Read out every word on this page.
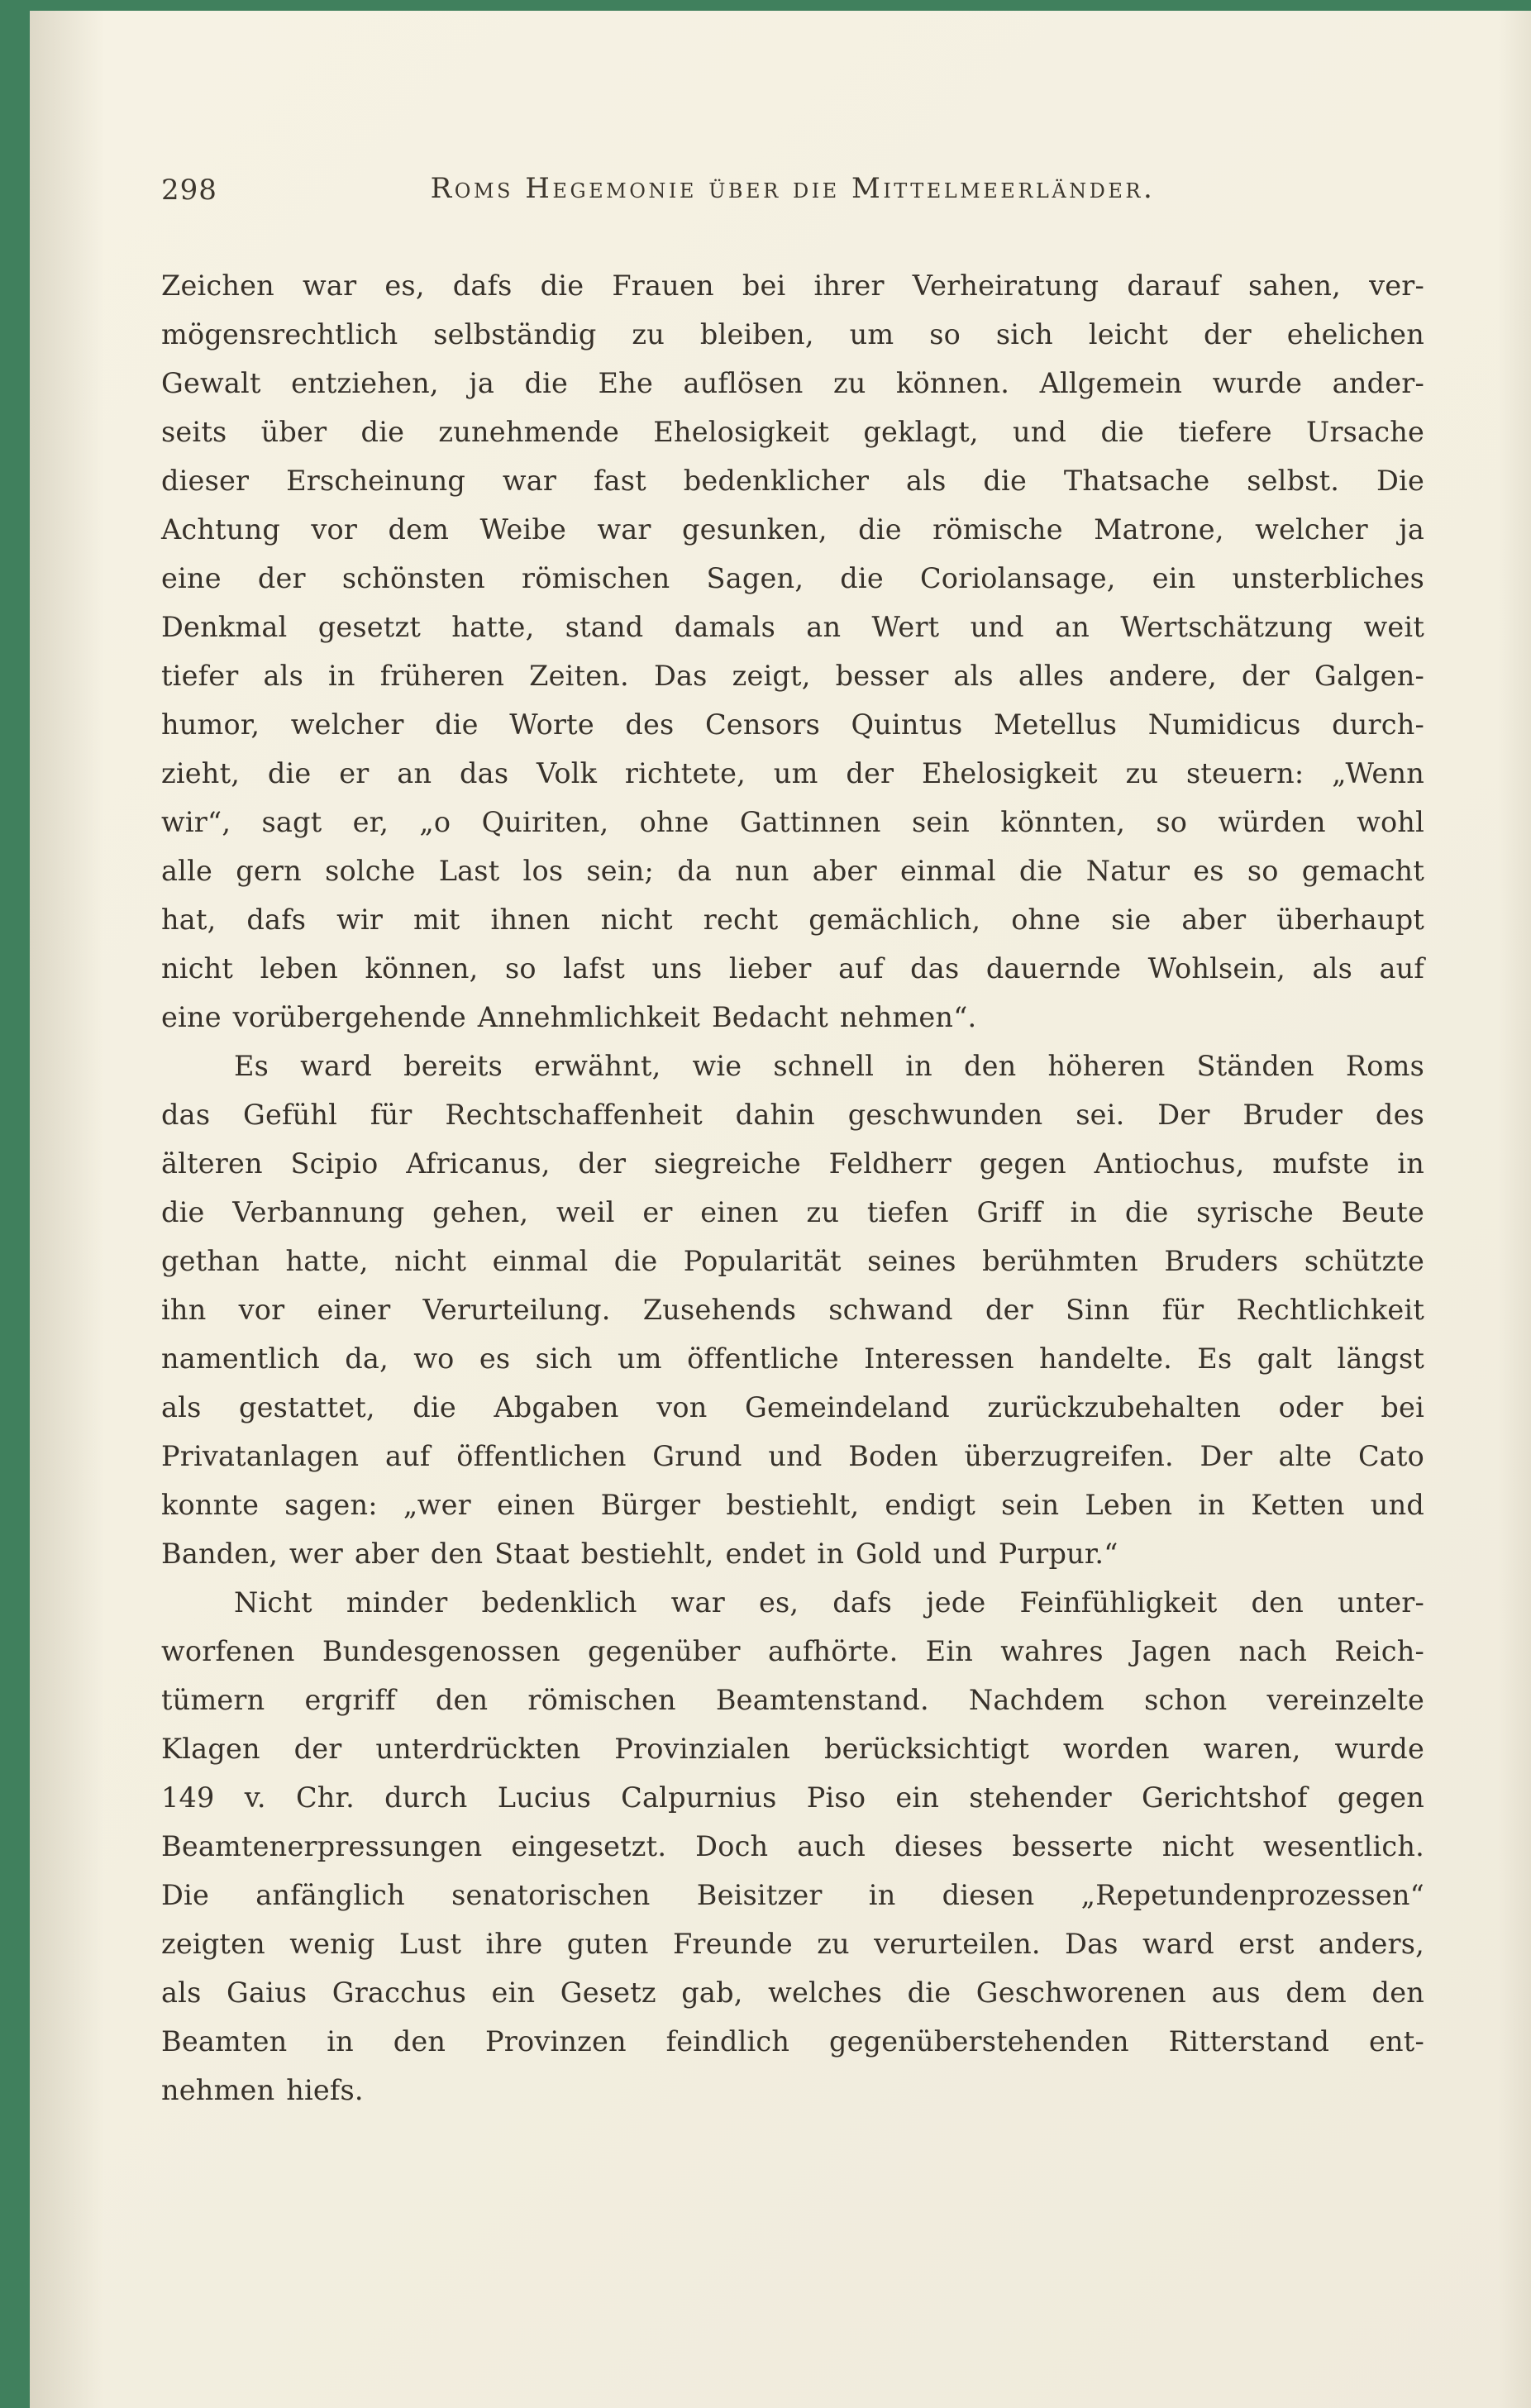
298	Roms Hegemonie über die Mittelmeerländer.
Zeichen war es, dafs die Frauen bei ihrer Verheiratung darauf sahen, ver-
mögensrechtlich selbständig zu bleiben, um so sich leicht der ehelichen
Gewalt entziehen, ja die Ehe auflösen zu können. Allgemein wurde ander-
seits über die zunehmende Ehelosigkeit geklagt, und die tiefere Ursache
dieser Erscheinung war fast bedenklicher als die Thatsache selbst. Die
Achtung vor dem Weibe war gesunken, die römische Matrone, welcher ja
eine der schönsten römischen Sagen, die Coriolansage, ein unsterbliches
Denkmal gesetzt hatte, stand damals an Wert und an Wertschätzung weit
tiefer als in früheren Zeiten. Das zeigt, besser als alles andere, der Galgen-
humor, welcher die Worte des Censors Quintus Metellus Numidicus durch-
zieht, die er an das Volk richtete, um der Ehelosigkeit zu steuern: „Wenn
wir“, sagt er, „o Quiriten, ohne Gattinnen sein könnten, so würden wohl
alle gern solche Last los sein; da nun aber einmal die Natur es so gemacht
hat, dafs wir mit ihnen nicht recht gemächlich, ohne sie aber überhaupt
nicht leben können, so lafst uns lieber auf das dauernde Wohlsein, als auf
eine vorübergehende Annehmlichkeit Bedacht nehmen“.
Es ward bereits erwähnt, wie schnell in den höheren Ständen Roms
das Gefühl für Rechtschaffenheit dahin geschwunden sei. Der Bruder des
älteren Scipio Africanus, der siegreiche Feldherr gegen Antiochus, mufste in
die Verbannung gehen, weil er einen zu tiefen Griff in die syrische Beute
gethan hatte, nicht einmal die Popularität seines berühmten Bruders schützte
ihn vor einer Verurteilung. Zusehends schwand der Sinn für Rechtlichkeit
namentlich da, wo es sich um öffentliche Interessen handelte. Es galt längst
als gestattet, die Abgaben von Gemeindeland zurückzubehalten oder bei
Privatanlagen auf öffentlichen Grund und Boden überzugreifen. Der alte Cato
konnte sagen: „wer einen Bürger bestiehlt, endigt sein Leben in Ketten und
Banden, wer aber den Staat bestiehlt, endet in Gold und Purpur.“
Nicht minder bedenklich war es, dafs jede Feinfühligkeit den unter-
worfenen Bundesgenossen gegenüber aufhörte. Ein wahres Jagen nach Reich-
tümern ergriff den römischen Beamtenstand. Nachdem schon vereinzelte
Klagen der unterdrückten Provinzialen berücksichtigt worden waren, wurde
149 v. Chr. durch Lucius Calpurnius Piso ein stehender Gerichtshof gegen
Beamtenerpressungen eingesetzt. Doch auch dieses besserte nicht wesentlich.
Die anfänglich senatorischen Beisitzer in diesen „Repetundenprozessen“
zeigten wenig Lust ihre guten Freunde zu verurteilen. Das ward erst anders,
als Gaius Gracchus ein Gesetz gab, welches die Geschworenen aus dem den
Beamten in den Provinzen feindlich gegenüberstehenden Ritterstand ent-
nehmen hiefs.
